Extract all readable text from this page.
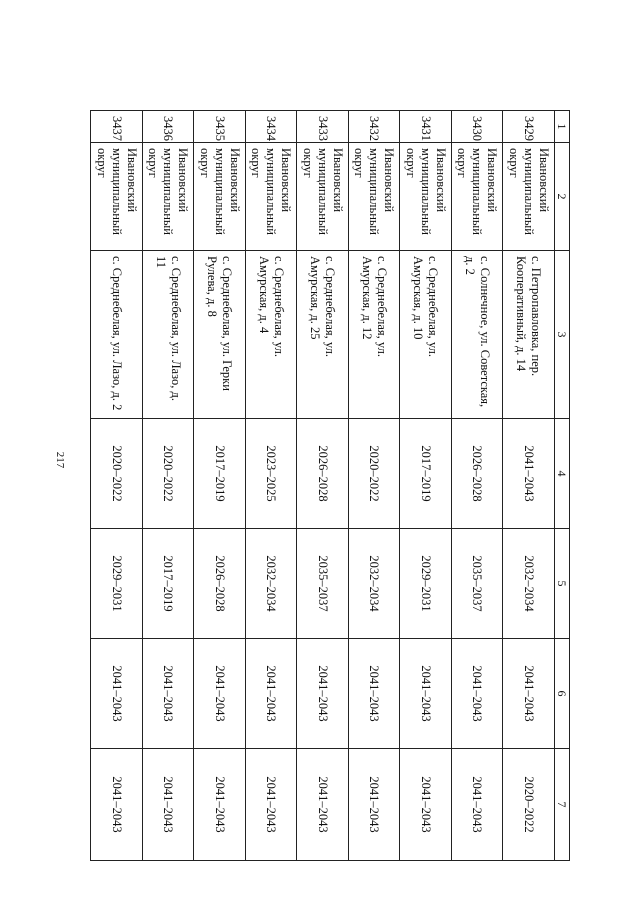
217
1	2	3	4	5	6	7
3429	Ивановский муниципальный округ	с. Петропавловка, пер. Кооперативный, д. 14	2041–2043	2032–2034	2041–2043	2020–2022
3430	Ивановский муниципальный округ	с. Солнечное, ул. Советская, д. 2	2026–2028	2035–2037	2041–2043	2041–2043
3431	Ивановский муниципальный округ	с. Среднебелая, ул. Амурская, д. 10	2017–2019	2029–2031	2041–2043	2041–2043
3432	Ивановский муниципальный округ	с. Среднебелая, ул. Амурская, д. 12	2020–2022	2032–2034	2041–2043	2041–2043
3433	Ивановский муниципальный округ	с. Среднебелая, ул. Амурская, д. 25	2026–2028	2035–2037	2041–2043	2041–2043
3434	Ивановский муниципальный округ	с. Среднебелая, ул. Амурская, д. 4	2023–2025	2032–2034	2041–2043	2041–2043
3435	Ивановский муниципальный округ	с. Среднебелая, ул. Герки Рулева, д. 8	2017–2019	2026–2028	2041–2043	2041–2043
3436	Ивановский муниципальный округ	с. Среднебелая, ул. Лазо, д. 11	2020–2022	2017–2019	2041–2043	2041–2043
3437	Ивановский муниципальный округ	с. Среднебелая, ул. Лазо, д. 2	2020–2022	2029–2031	2041–2043	2041–2043
